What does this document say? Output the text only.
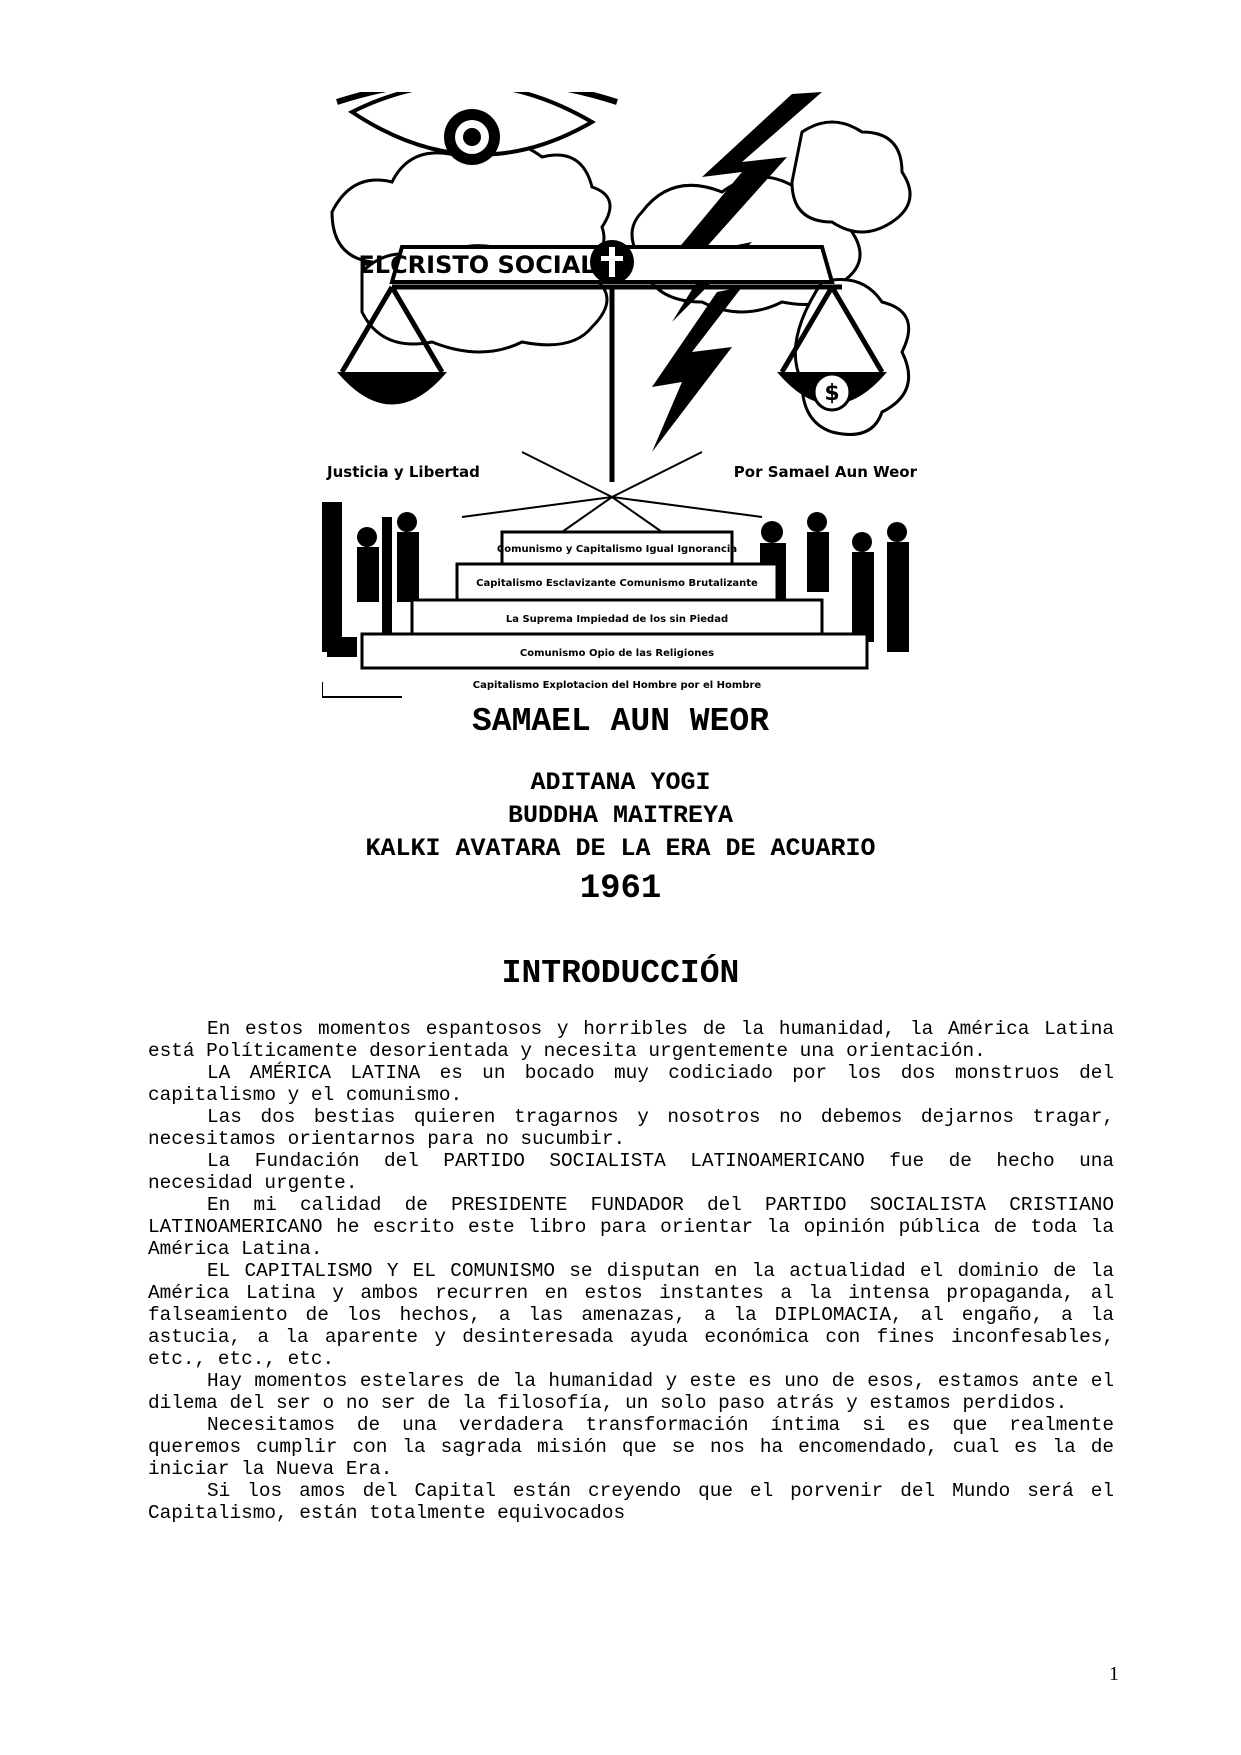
ELCRISTO SOCIAL
$
Justicia y Libertad	Por Samael Aun Weor
Comunismo y Capitalismo Igual Ignorancia
Capitalismo Esclavizante Comunismo Brutalizante
La Suprema Impiedad de los sin Piedad
Comunismo Opio de las Religiones
Capitalismo Explotacion del Hombre por el Hombre
SAMAEL AUN WEOR
ADITANA YOGI
BUDDHA MAITREYA
KALKI AVATARA DE LA ERA DE ACUARIO
1961
INTRODUCCIÓN

En estos momentos espantosos y horribles de la humanidad, la América Latina está Políticamente desorientada y necesita urgentemente una orientación.

LA AMÉRICA LATINA es un bocado muy codiciado por los dos monstruos del capitalismo y el comunismo.

Las dos bestias quieren tragarnos y nosotros no debemos dejarnos tragar, necesitamos orientarnos para no sucumbir.

La Fundación del PARTIDO SOCIALISTA LATINOAMERICANO fue de hecho una necesidad urgente.

En mi calidad de PRESIDENTE FUNDADOR del PARTIDO SOCIALISTA CRISTIANO LATINOAMERICANO he escrito este libro para orientar la opinión pública de toda la América Latina.

EL CAPITALISMO Y EL COMUNISMO se disputan en la actualidad el dominio de la América Latina y ambos recurren en estos instantes a la intensa propaganda, al falseamiento de los hechos, a las amenazas, a la DIPLOMACIA, al engaño, a la astucia, a la aparente y desinteresada ayuda económica con fines inconfesables, etc., etc., etc.

Hay momentos estelares de la humanidad y este es uno de esos, estamos ante el dilema del ser o no ser de la filosofía, un solo paso atrás y estamos perdidos.

Necesitamos de una verdadera transformación íntima si es que realmente queremos cumplir con la sagrada misión que se nos ha encomendado, cual es la de iniciar la Nueva Era.

Si los amos del Capital están creyendo que el porvenir del Mundo será el Capitalismo, están totalmente equivocados

1
